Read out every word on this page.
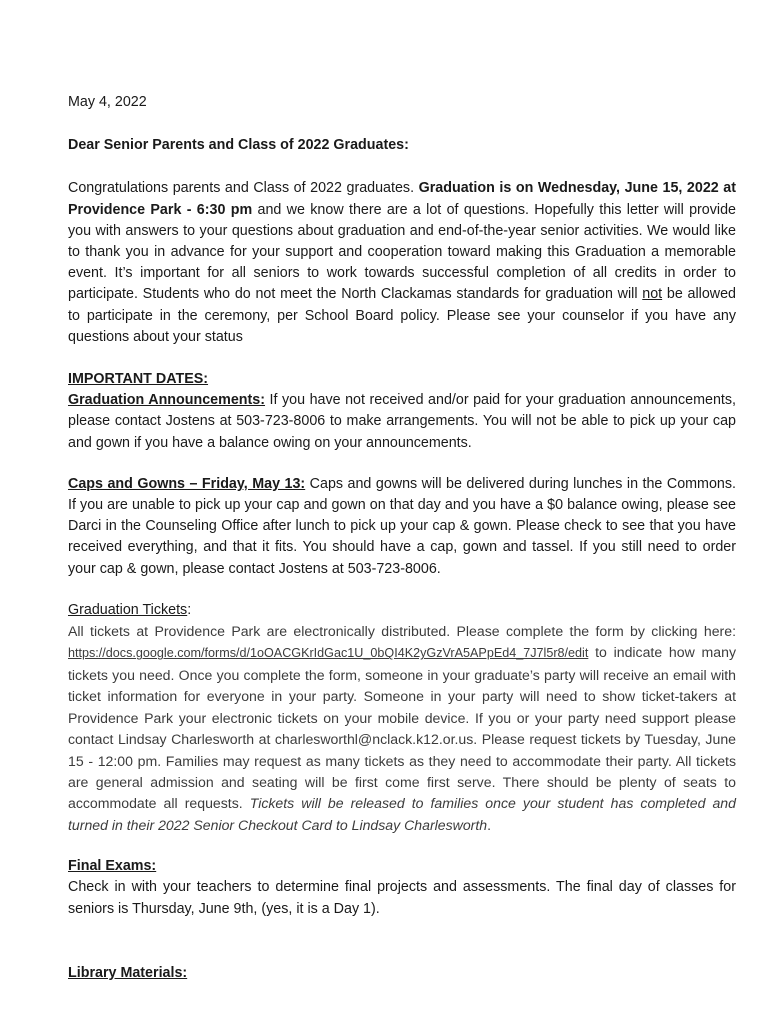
May 4, 2022

Dear Senior Parents and Class of 2022 Graduates:

Congratulations parents and Class of 2022 graduates. Graduation is on Wednesday, June 15, 2022 at Providence Park - 6:30 pm and we know there are a lot of questions. Hopefully this letter will provide you with answers to your questions about graduation and end-of-the-year senior activities. We would like to thank you in advance for your support and cooperation toward making this Graduation a memorable event. It’s important for all seniors to work towards successful completion of all credits in order to participate. Students who do not meet the North Clackamas standards for graduation will not be allowed to participate in the ceremony, per School Board policy. Please see your counselor if you have any questions about your status

IMPORTANT DATES:

Graduation Announcements: If you have not received and/or paid for your graduation announcements, please contact Jostens at 503-723-8006 to make arrangements. You will not be able to pick up your cap and gown if you have a balance owing on your announcements.

Caps and Gowns – Friday, May 13: Caps and gowns will be delivered during lunches in the Commons. If you are unable to pick up your cap and gown on that day and you have a $0 balance owing, please see Darci in the Counseling Office after lunch to pick up your cap & gown. Please check to see that you have received everything, and that it fits. You should have a cap, gown and tassel. If you still need to order your cap & gown, please contact Jostens at 503-723-8006.

Graduation Tickets:

All tickets at Providence Park are electronically distributed. Please complete the form by clicking here: https://docs.google.com/forms/d/1oOACGKrIdGac1U_0bQI4K2yGzVrA5APpEd4_7J7l5r8/edit to indicate how many tickets you need. Once you complete the form, someone in your graduate’s party will receive an email with ticket information for everyone in your party. Someone in your party will need to show ticket-takers at Providence Park your electronic tickets on your mobile device. If you or your party need support please contact Lindsay Charlesworth at charlesworthl@nclack.k12.or.us. Please request tickets by Tuesday, June 15 - 12:00 pm. Families may request as many tickets as they need to accommodate their party. All tickets are general admission and seating will be first come first serve. There should be plenty of seats to accommodate all requests. Tickets will be released to families once your student has completed and turned in their 2022 Senior Checkout Card to Lindsay Charlesworth.

Final Exams:

Check in with your teachers to determine final projects and assessments. The final day of classes for seniors is Thursday, June 9th, (yes, it is a Day 1).

Library Materials:
